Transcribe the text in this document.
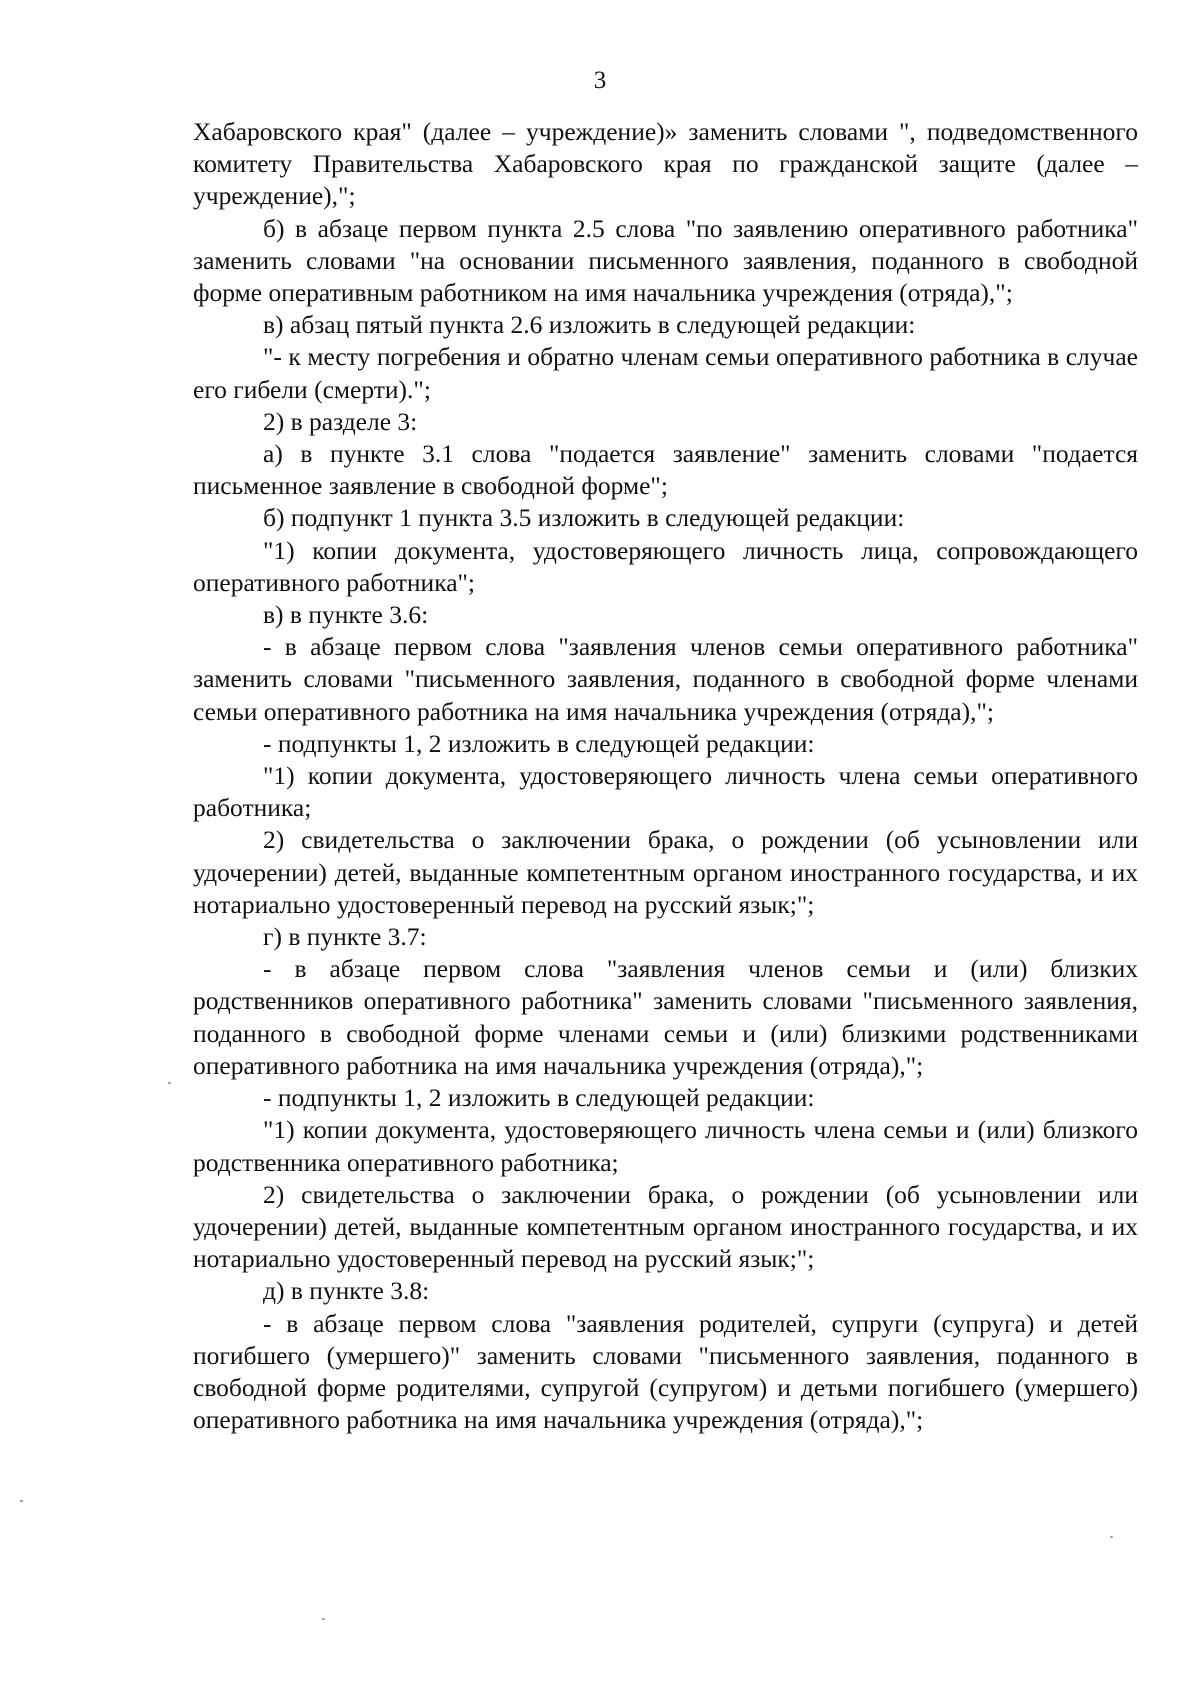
3

Хабаровского края" (далее – учреждение)» заменить словами ", подведомственного комитету Правительства Хабаровского края по гражданской защите (далее – учреждение),";

б) в абзаце первом пункта 2.5 слова "по заявлению оперативного работника" заменить словами "на основании письменного заявления, поданного в свободной форме оперативным работником на имя начальника учреждения (отряда),";

в) абзац пятый пункта 2.6 изложить в следующей редакции:

"- к месту погребения и обратно членам семьи оперативного работника в случае его гибели (смерти).";

2) в разделе 3:

а) в пункте 3.1 слова "подается заявление" заменить словами "подается письменное заявление в свободной форме";

б) подпункт 1 пункта 3.5 изложить в следующей редакции:

"1) копии документа, удостоверяющего личность лица, сопровождающего оперативного работника";

в) в пункте 3.6:

- в абзаце первом слова "заявления членов семьи оперативного работника" заменить словами "письменного заявления, поданного в свободной форме членами семьи оперативного работника на имя начальника учреждения (отряда),";

- подпункты 1, 2 изложить в следующей редакции:

"1) копии документа, удостоверяющего личность члена семьи оперативного работника;

2) свидетельства о заключении брака, о рождении (об усыновлении или удочерении) детей, выданные компетентным органом иностранного государства, и их нотариально удостоверенный перевод на русский язык;";

г) в пункте 3.7:

- в абзаце первом слова "заявления членов семьи и (или) близких родственников оперативного работника" заменить словами "письменного заявления, поданного в свободной форме членами семьи и (или) близкими родственниками оперативного работника на имя начальника учреждения (отряда),";

- подпункты 1, 2 изложить в следующей редакции:

"1) копии документа, удостоверяющего личность члена семьи и (или) близкого родственника оперативного работника;

2) свидетельства о заключении брака, о рождении (об усыновлении или удочерении) детей, выданные компетентным органом иностранного государства, и их нотариально удостоверенный перевод на русский язык;";

д) в пункте 3.8:

- в абзаце первом слова "заявления родителей, супруги (супруга) и детей погибшего (умершего)" заменить словами "письменного заявления, поданного в свободной форме родителями, супругой (супругом) и детьми погибшего (умершего) оперативного работника на имя начальника учреждения (отряда),";
